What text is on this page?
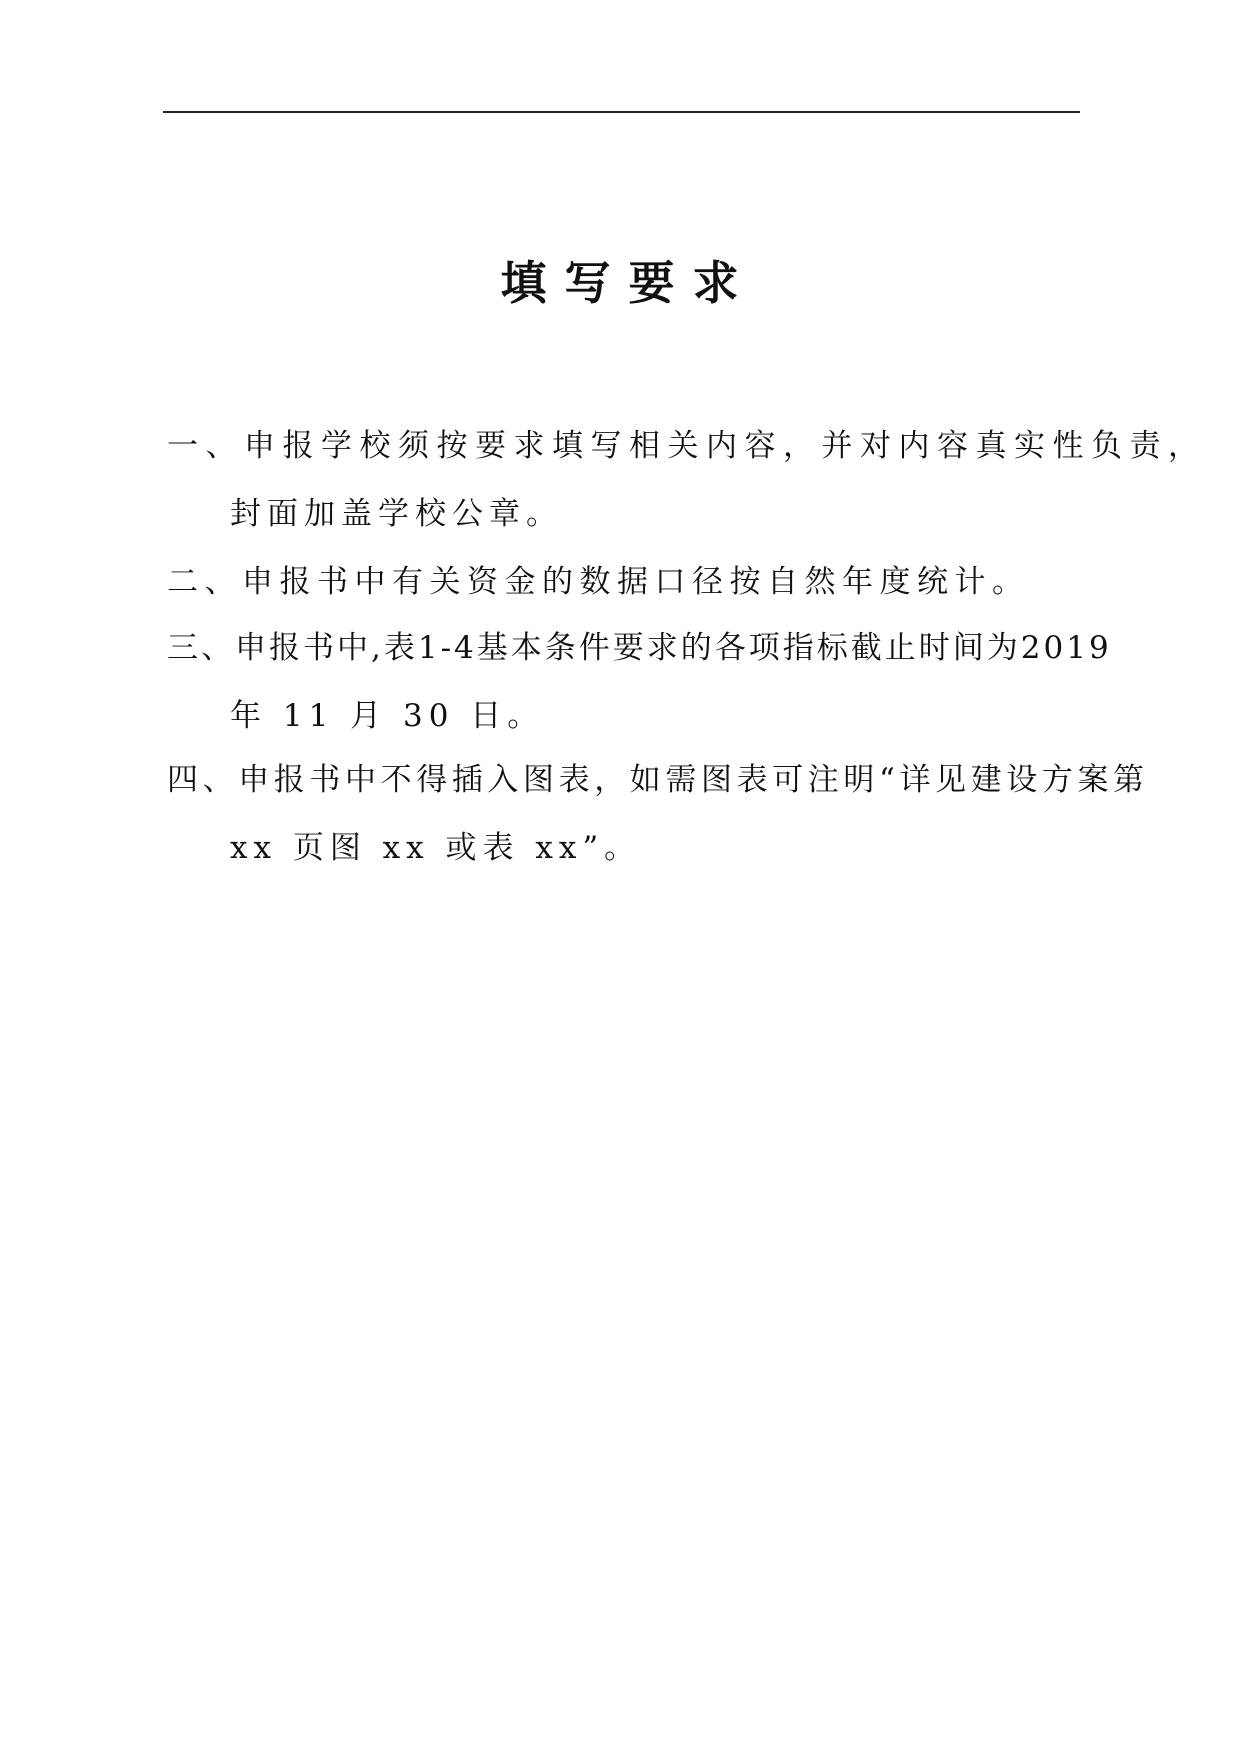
填写要求
一、申报学校须按要求填写相关内容，并对内容真实性负责，
封面加盖学校公章。
二、申报书中有关资金的数据口径按自然年度统计。
三、申报书中,表1-4基本条件要求的各项指标截止时间为2019
年 11 月 30 日。
四、申报书中不得插入图表，如需图表可注明“详见建设方案第
xx 页图 xx 或表 xx”。
